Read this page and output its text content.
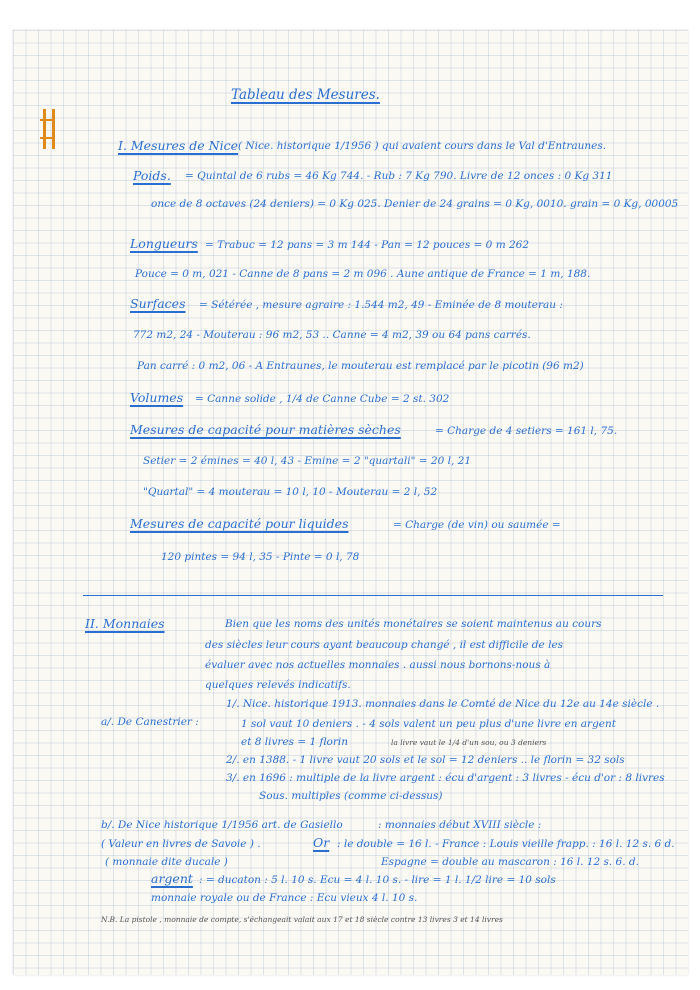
Tableau des Mesures.
I. Mesures de Nice ( Nice. historique 1/1956 ) qui avaient cours dans le Val d'Entraunes.
Poids. = Quintal de 6 rubs = 46 Kg 744. - Rub : 7 Kg 790. Livre de 12 onces : 0 Kg 311
once de 8 octaves (24 deniers) = 0 Kg 025. Denier de 24 grains = 0 Kg, 0010. grain = 0 Kg, 00005
Longueurs = Trabuc = 12 pans = 3 m 144 - Pan = 12 pouces = 0 m 262
Pouce = 0 m, 021 - Canne de 8 pans = 2 m 096 . Aune antique de France = 1 m, 188.
Surfaces = Sétérée , mesure agraire : 1.544 m2, 49 - Eminée de 8 mouterau :
772 m2, 24 - Mouterau : 96 m2, 53 .. Canne = 4 m2, 39 ou 64 pans carrés.
Pan carré : 0 m2, 06 - A Entraunes, le mouterau est remplacé par le picotin (96 m2)
Volumes = Canne solide , 1/4 de Canne Cube = 2 st. 302
Mesures de capacité pour matières sèches	= Charge de 4 setiers = 161 l, 75.
Setier = 2 émines = 40 l, 43 - Emine = 2 "quartali" = 20 l, 21
"Quartal" = 4 mouterau = 10 l, 10 - Mouterau = 2 l, 52
Mesures de capacité pour liquides	= Charge (de vin) ou saumée =
120 pintes = 94 l, 35 - Pinte = 0 l, 78
II. Monnaies	Bien que les noms des unités monétaires se soient maintenus au cours
des siècles leur cours ayant beaucoup changé , il est difficile de les
évaluer avec nos actuelles monnaies . aussi nous bornons-nous à
quelques relevés indicatifs.
1/. Nice. historique 1913. monnaies dans le Comté de Nice du 12e au 14e siècle .
a/. De Canestrier :	1 sol vaut 10 deniers . - 4 sols valent un peu plus d'une livre en argent
et 8 livres = 1 florin	la livre vaut le 1/4 d'un sou, ou 3 deniers
2/. en 1388. - 1 livre vaut 20 sols et le sol = 12 deniers .. le florin = 32 sols
3/. en 1696 : multiple de la livre argent : écu d'argent : 3 livres - écu d'or : 8 livres
Sous. multiples (comme ci-dessus)
b/. De Nice historique 1/1956 art. de Gasiello	: monnaies début XVIII siècle :
( Valeur en livres de Savoie ) .	Or : le double = 16 l. - France : Louis vieille frapp. : 16 l. 12 s. 6 d.
( monnaie dite ducale )	Espagne = double au mascaron : 16 l. 12 s. 6. d.
argent : = ducaton : 5 l. 10 s. Ecu = 4 l. 10 s. - lire = 1 l. 1/2 lire = 10 sols
monnaie royale ou de France : Ecu vieux 4 l. 10 s.
N.B. La pistole , monnaie de compte, s'échangeait valait aux 17 et 18 siècle contre 13 livres 3 et 14 livres
